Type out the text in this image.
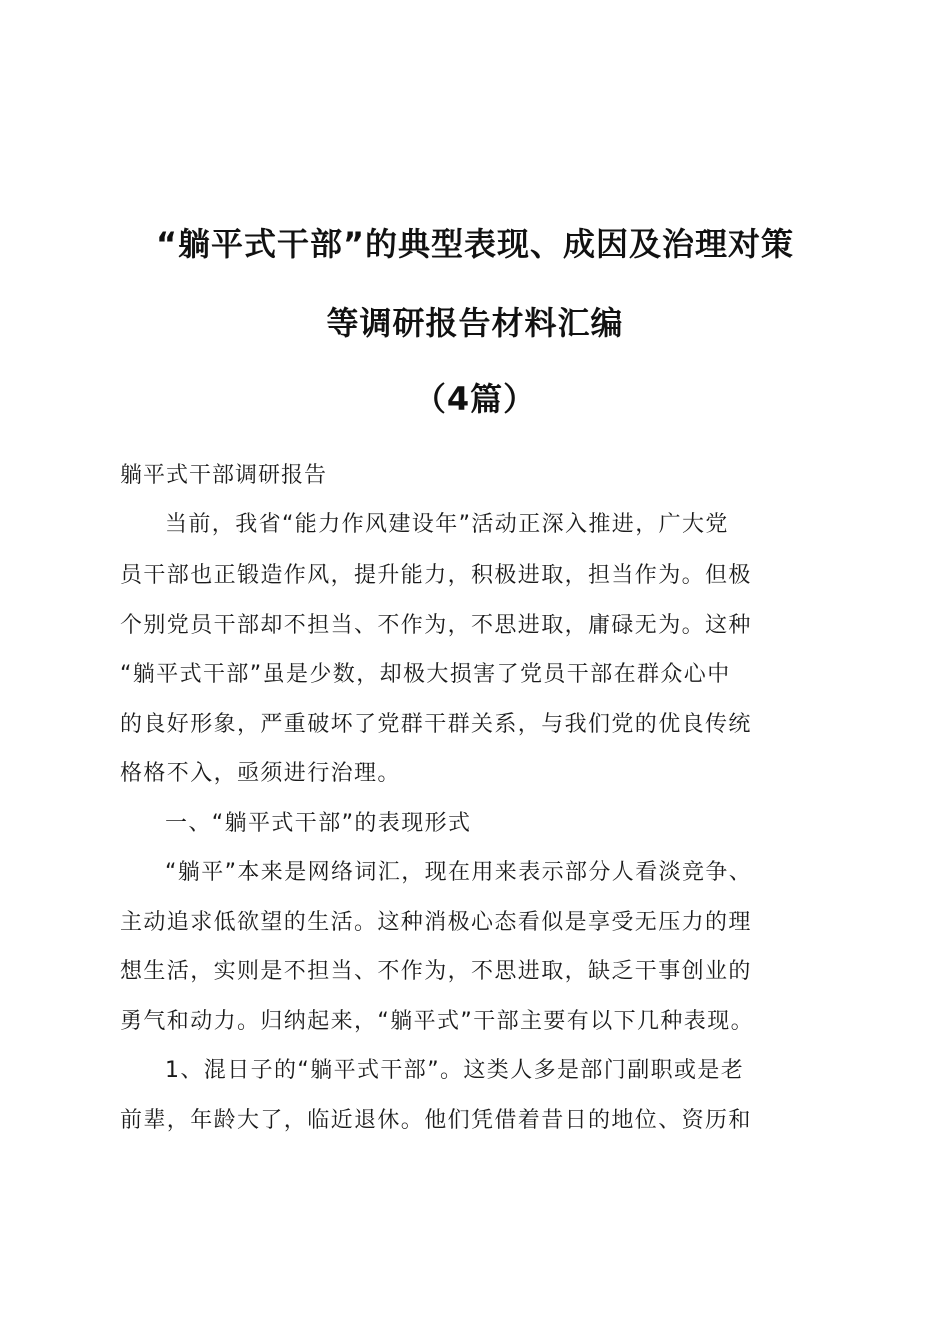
“躺平式干部”的典型表现、成因及治理对策
等调研报告材料汇编
（4篇）
躺平式干部调研报告
当前，我省“能力作风建设年”活动正深入推进，广大党
员干部也正锻造作风，提升能力，积极进取，担当作为。但极
个别党员干部却不担当、不作为，不思进取，庸碌无为。这种
“躺平式干部”虽是少数，却极大损害了党员干部在群众心中
的良好形象，严重破坏了党群干群关系，与我们党的优良传统
格格不入，亟须进行治理。
一、“躺平式干部”的表现形式
“躺平”本来是网络词汇，现在用来表示部分人看淡竞争、
主动追求低欲望的生活。这种消极心态看似是享受无压力的理
想生活，实则是不担当、不作为，不思进取，缺乏干事创业的
勇气和动力。归纳起来，“躺平式”干部主要有以下几种表现。
1、混日子的“躺平式干部”。这类人多是部门副职或是老
前辈，年龄大了，临近退休。他们凭借着昔日的地位、资历和
